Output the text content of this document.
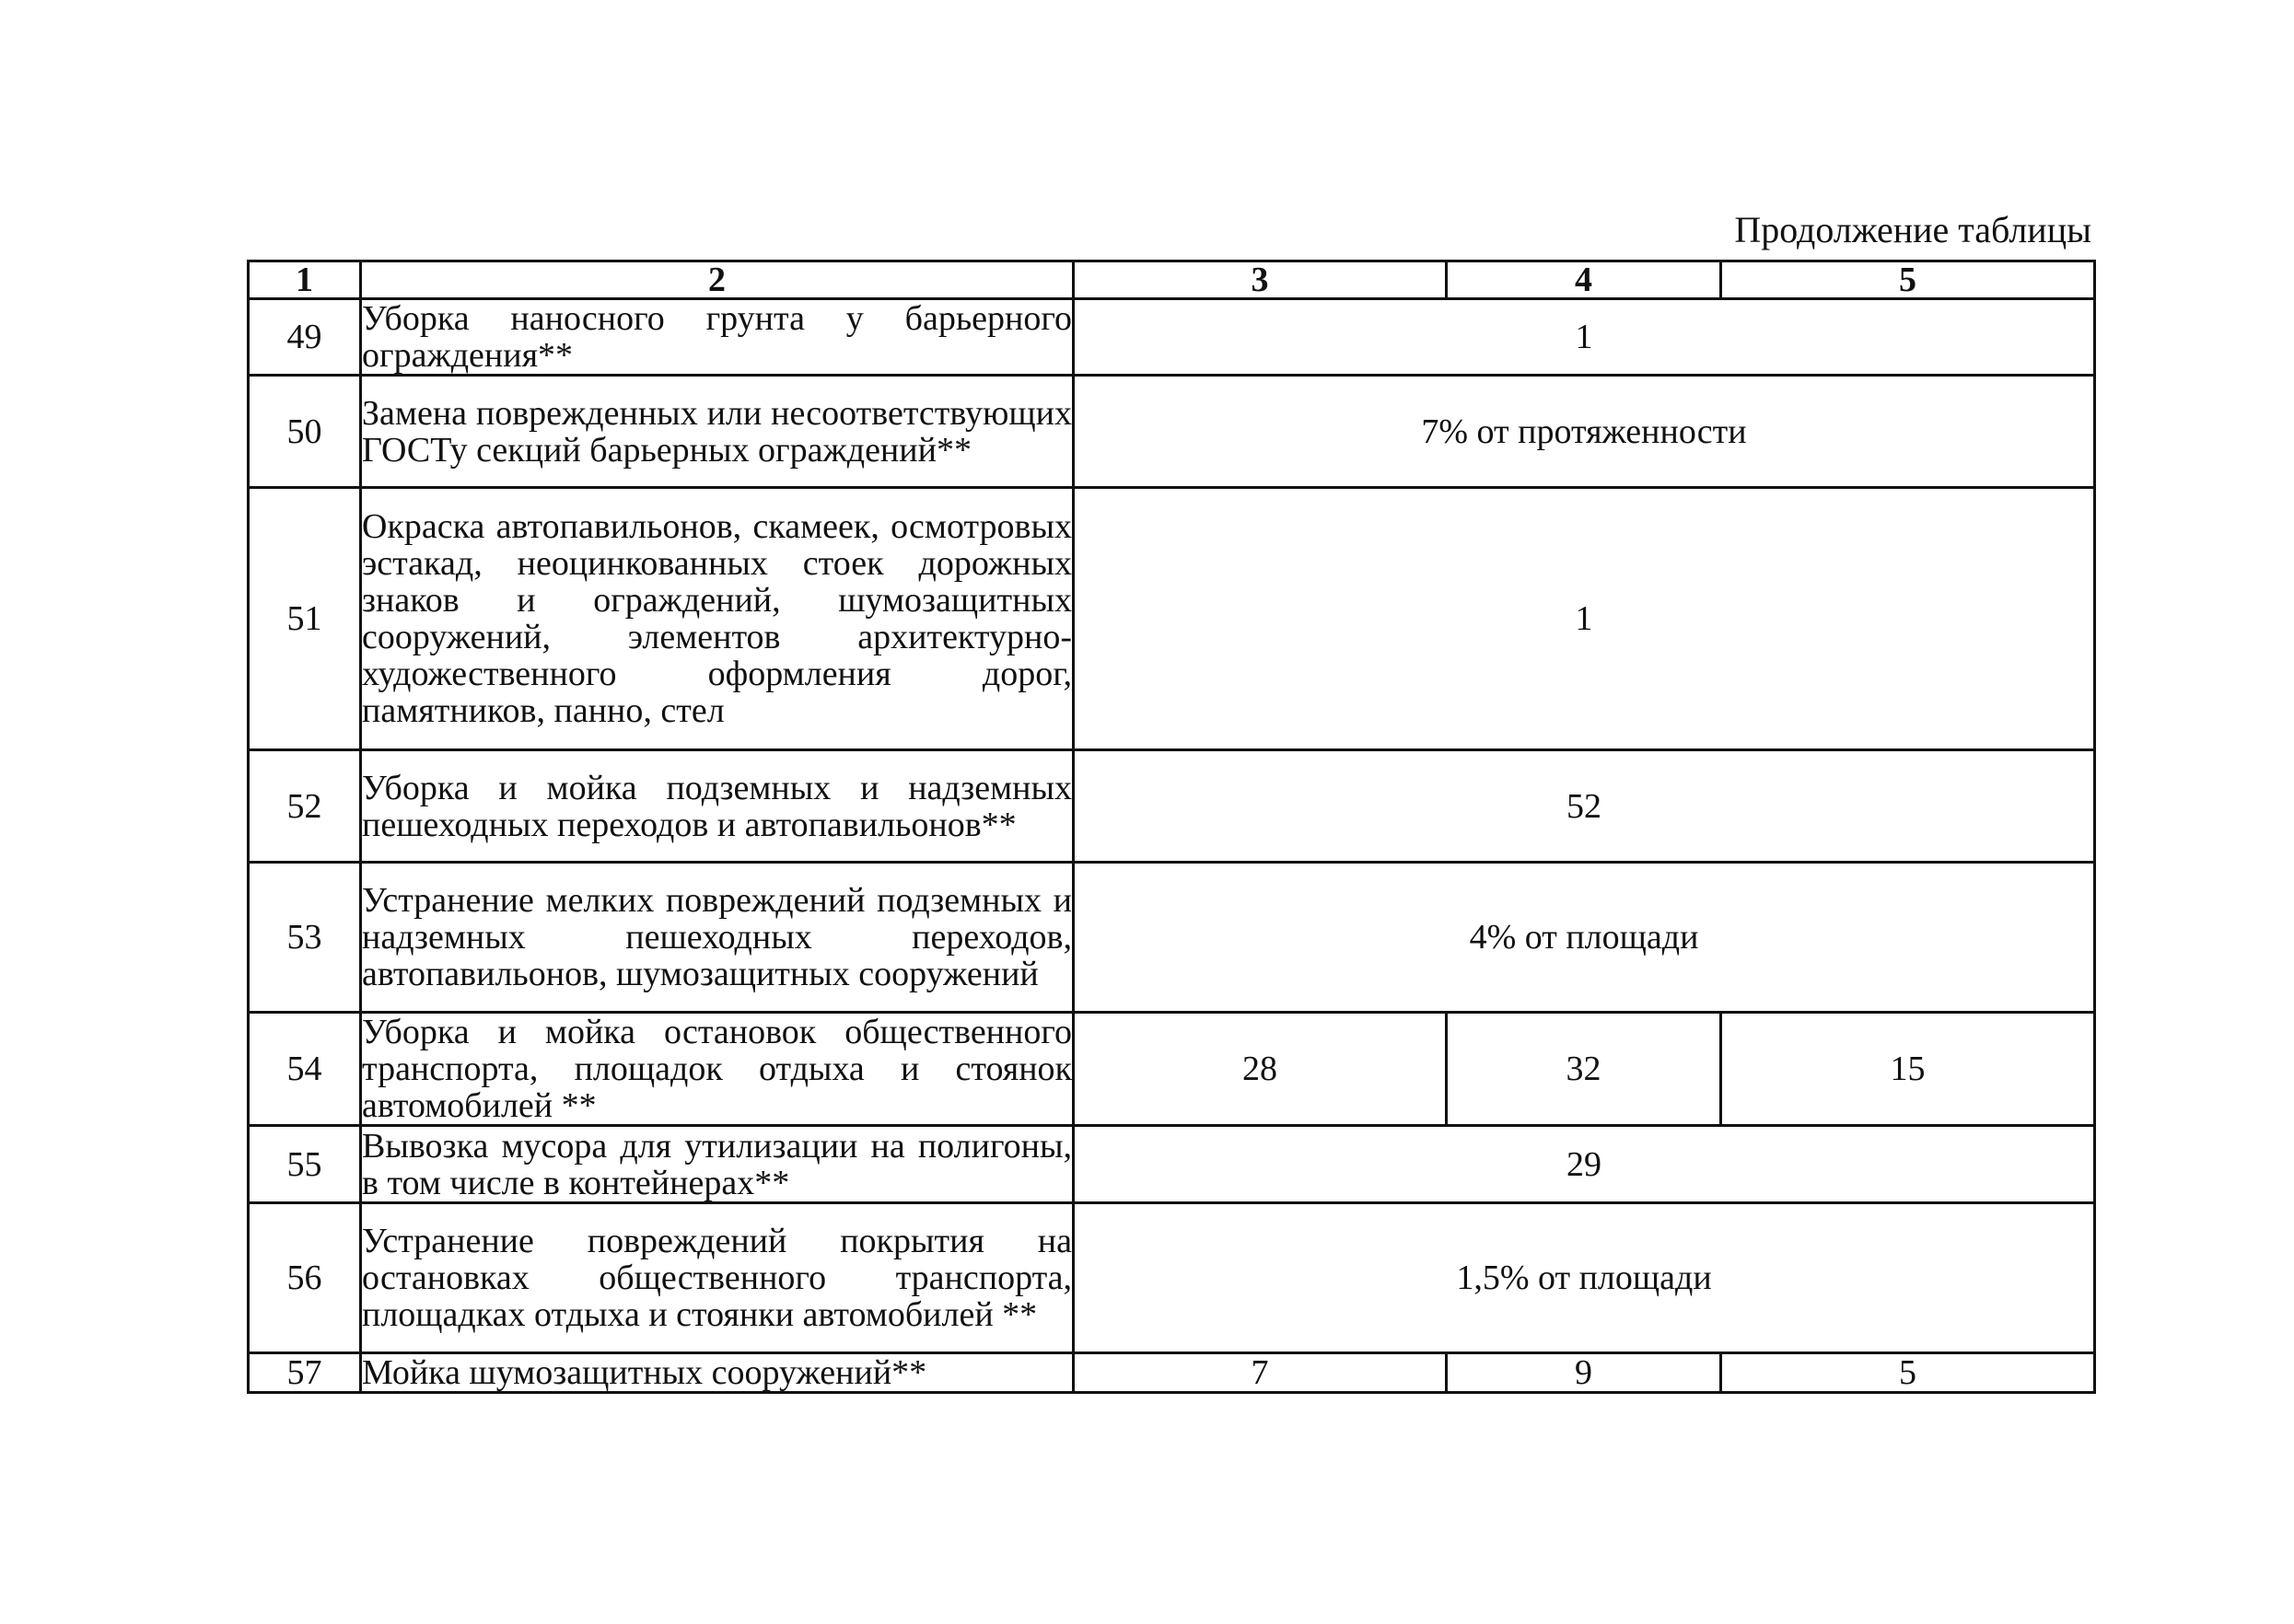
Продолжение таблицы
1	2	3	4	5
49	Уборка наносного грунта у барьерного ограждения**	1		
50	Замена поврежденных или несоответствующих ГОСТу секций барьерных ограждений**	7% от протяженности		
51	Окраска автопавильонов, скамеек, осмотровых эстакад, неоцинкованных стоек дорожных знаков и ограждений, шумозащитных сооружений, элементов архитектурно-художественного оформления дорог, памятников, панно, стел	1		
52	Уборка и мойка подземных и надземных пешеходных переходов и автопавильонов**	52		
53	Устранение мелких повреждений подземных и надземных пешеходных переходов, автопавильонов, шумозащитных сооружений	4% от площади		
54	Уборка и мойка остановок общественного транспорта, площадок отдыха и стоянок автомобилей **	28	32	15
55	Вывозка мусора для утилизации на полигоны, в том числе в контейнерах**	29		
56	Устранение повреждений покрытия на остановках общественного транспорта, площадках отдыха и стоянки автомобилей **	1,5% от площади		
57	Мойка шумозащитных сооружений**	7	9	5
